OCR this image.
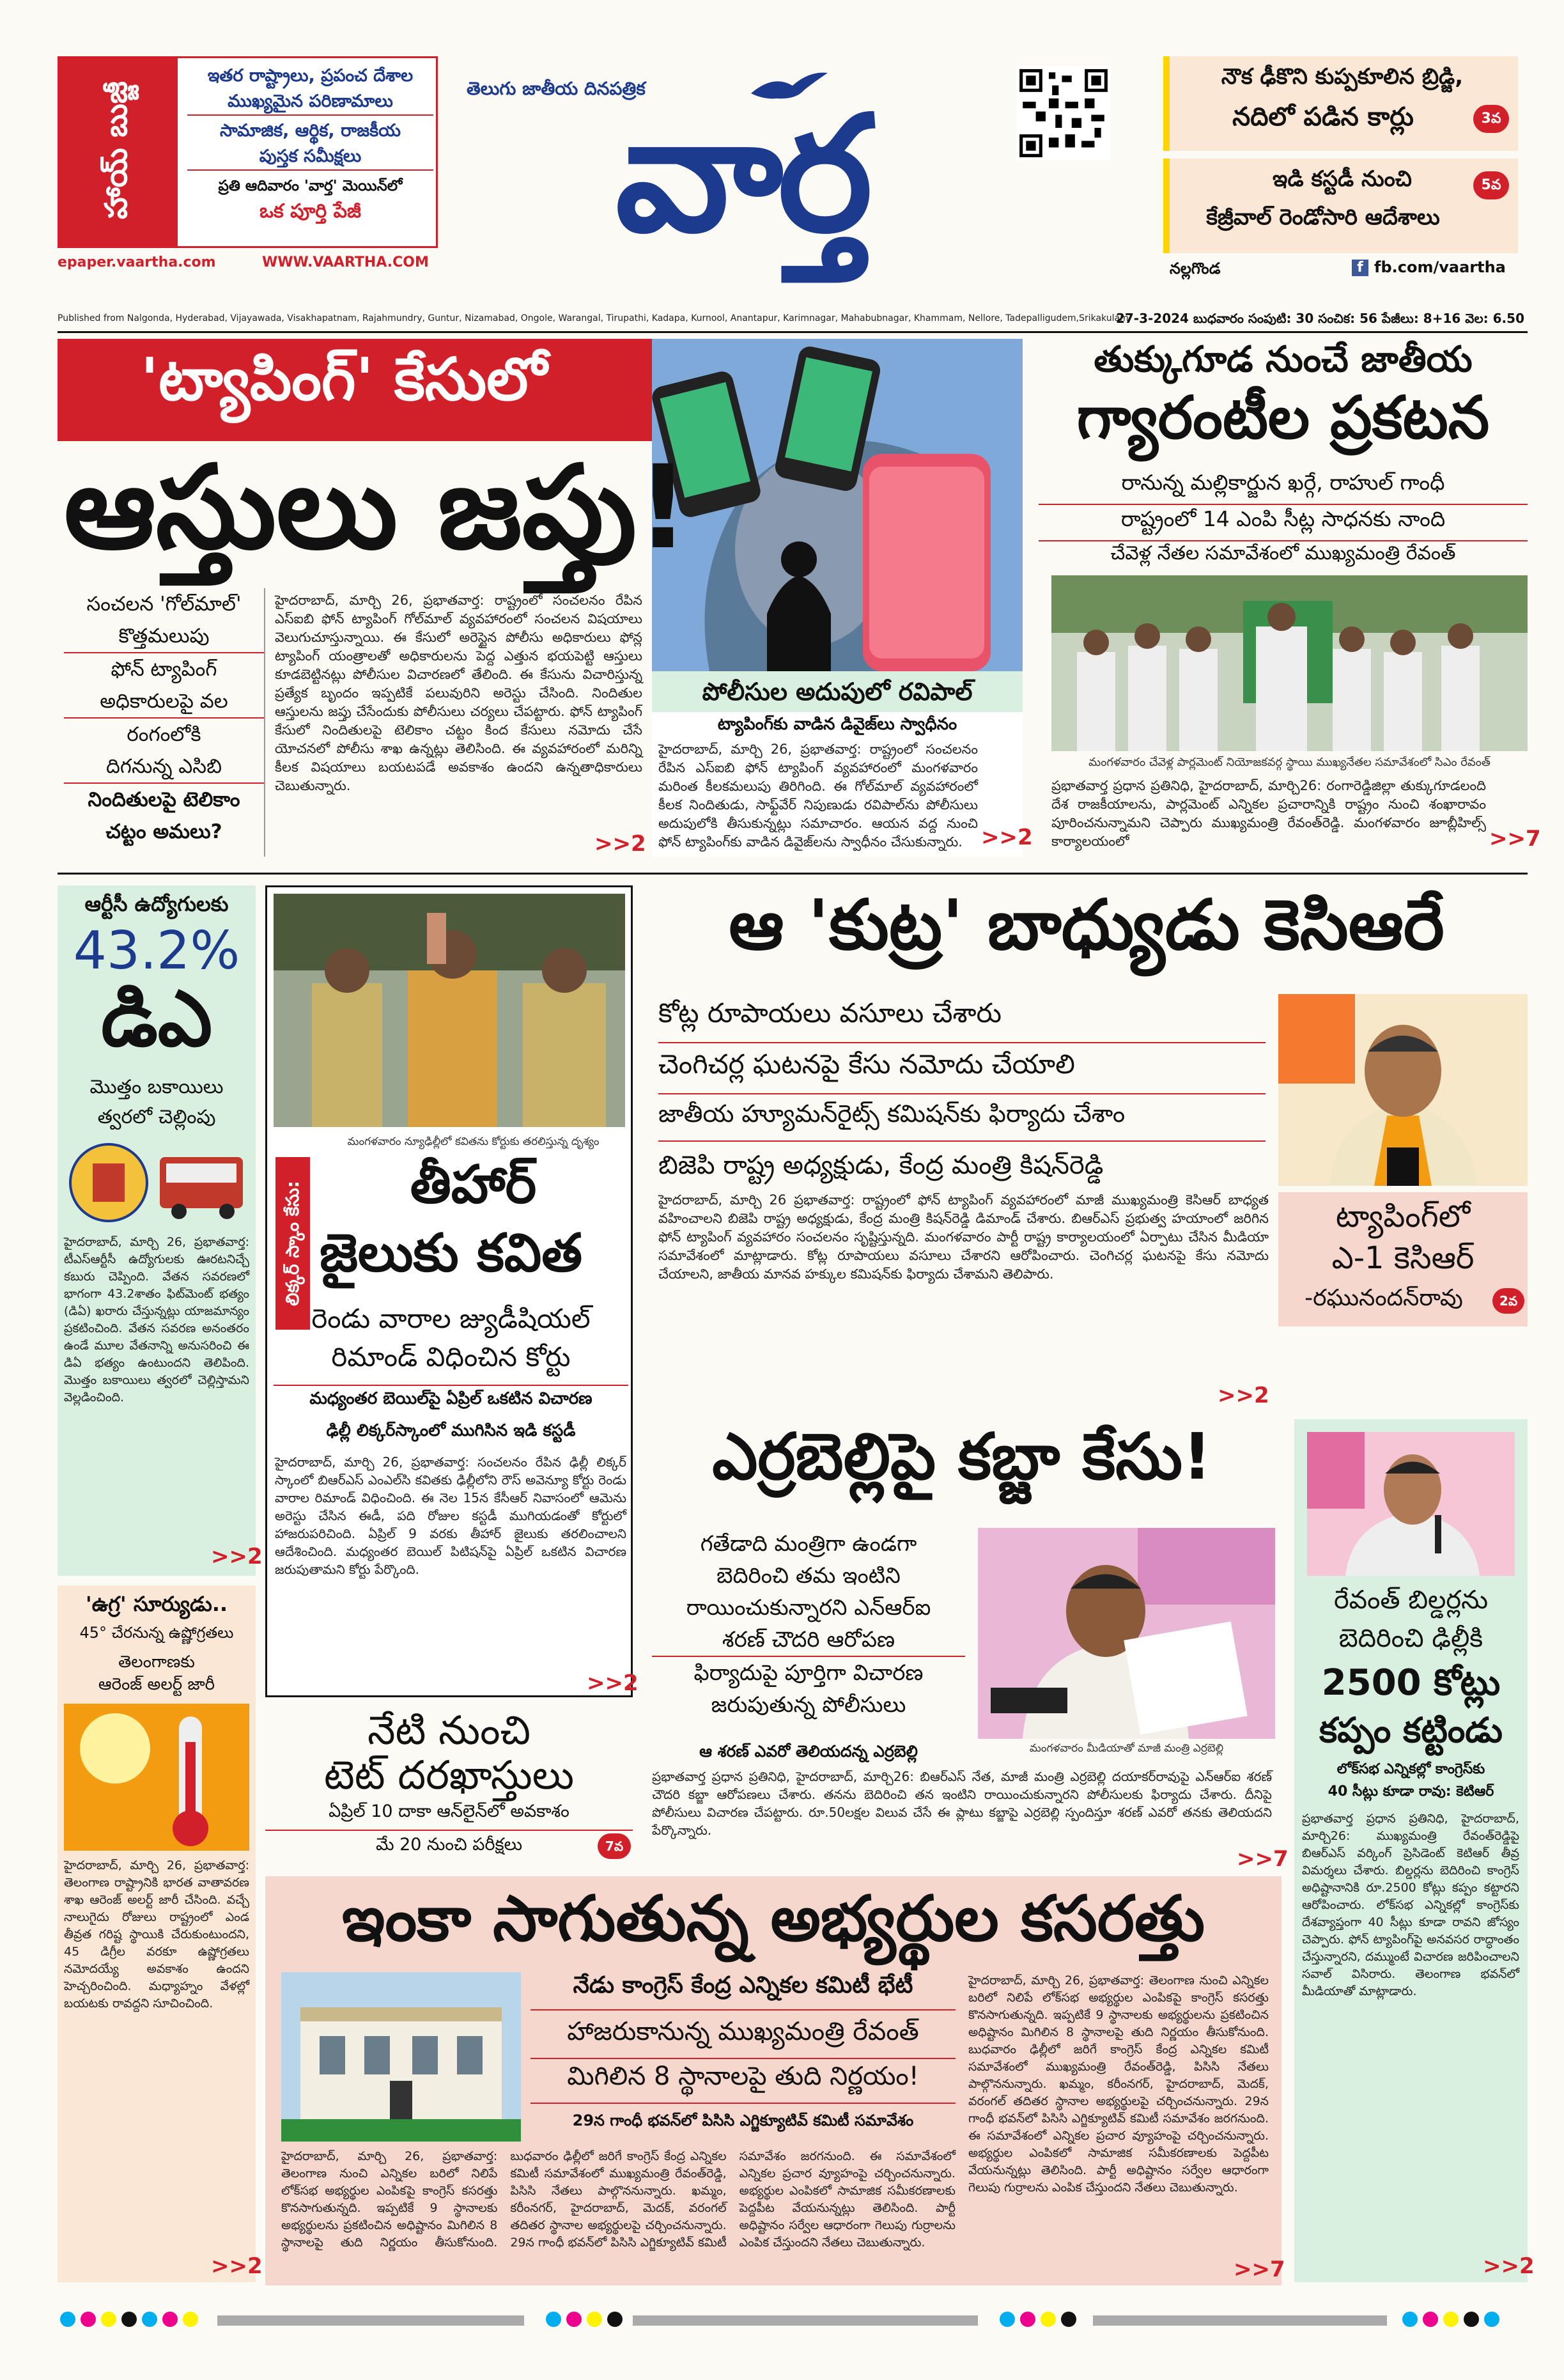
హాయ్‌ బుజ్జీ
ఇతర రాష్ట్రాలు, ప్రపంచ దేశాల
ముఖ్యమైన పరిణామాలు
సామాజిక, ఆర్థిక, రాజకీయ
పుస్తక సమీక్షలు
ప్రతి ఆదివారం 'వార్త' మెయిన్‌లో
ఒక పూర్తి పేజీ
epaper.vaartha.com	WWW.VAARTHA.COM
తెలుగు జాతీయ దినపత్రిక
వార్త
నౌక ఢీకొని కుప్పకూలిన బ్రిడ్జి,
నదిలో పడిన కార్లు	3వ
ఇడి కస్టడీ నుంచి
కేజ్రీవాల్‌ రెండోసారి ఆదేశాలు
5వ
నల్లగొండ	f fb.com/vaartha
Published from Nalgonda, Hyderabad, Vijayawada, Visakhapatnam, Rajahmundry, Guntur, Nizamabad, Ongole, Warangal, Tirupathi, Kadapa, Kurnool, Anantapur, Karimnagar, Mahabubnagar, Khammam, Nellore, Tadepalligudem,Srikakulam
27-3-2024 బుధవారం సంపుటి: 30 సంచిక: 56 పేజీలు: 8+16 వెల: 6.50
'ట్యాపింగ్‌' కేసులో
ఆస్తులు జప్తు!
సంచలన 'గోల్‌మాల్‌'
కొత్తమలుపు
ఫోన్‌ ట్యాపింగ్‌
అధికారులపై వల
రంగంలోకి
దిగనున్న ఎసిబి
నిందితులపై టెలికాం
చట్టం అమలు?
హైదరాబాద్‌, మార్చి 26, ప్రభాతవార్త: రాష్ట్రంలో సంచలనం రేపిన ఎస్‌ఐబి ఫోన్‌ ట్యాపింగ్‌ గోల్‌మాల్‌ వ్యవహారంలో సంచలన విషయాలు వెలుగుచూస్తున్నాయి. ఈ కేసులో అరెస్టైన పోలీసు అధికారులు ఫోన్ల ట్యాపింగ్‌ యంత్రాలతో అధికారులను పెద్ద ఎత్తున భయపెట్టి ఆస్తులు కూడబెట్టినట్లు పోలీసుల విచారణలో తేలింది. ఈ కేసును విచారిస్తున్న ప్రత్యేక బృందం ఇప్పటికే పలువురిని అరెస్టు చేసింది. నిందితుల ఆస్తులను జప్తు చేసేందుకు పోలీసులు చర్యలు చేపట్టారు. ఫోన్‌ ట్యాపింగ్‌ కేసులో నిందితులపై టెలికాం చట్టం కింద కేసులు నమోదు చేసే యోచనలో పోలీసు శాఖ ఉన్నట్లు తెలిసింది. ఈ వ్యవహారంలో మరిన్ని కీలక విషయాలు బయటపడే అవకాశం ఉందని ఉన్నతాధికారులు చెబుతున్నారు.
>>2
పోలీసుల అదుపులో రవిపాల్‌
ట్యాపింగ్‌కు వాడిన డివైజ్‌లు స్వాధీనం
హైదరాబాద్‌, మార్చి 26, ప్రభాతవార్త: రాష్ట్రంలో సంచలనం రేపిన ఎస్‌ఐబి ఫోన్‌ ట్యాపింగ్‌ వ్యవహారంలో మంగళవారం మరింత కీలకమలుపు తిరిగింది. ఈ గోల్‌మాల్‌ వ్యవహారంలో కీలక నిందితుడు, సాఫ్ట్‌వేర్‌ నిపుణుడు రవిపాల్‌ను పోలీసులు అదుపులోకి తీసుకున్నట్లు సమాచారం. ఆయన వద్ద నుంచి ఫోన్‌ ట్యాపింగ్‌కు వాడిన డివైజ్‌లను స్వాధీనం చేసుకున్నారు. >>2
తుక్కుగూడ నుంచే జాతీయ
గ్యారంటీల ప్రకటన
రానున్న మల్లికార్జున ఖర్గే, రాహుల్‌ గాంధీ
రాష్ట్రంలో 14 ఎంపి సీట్ల సాధనకు నాంది
చేవెళ్ల నేతల సమావేశంలో ముఖ్యమంత్రి రేవంత్‌
మంగళవారం చేవెళ్ల పార్లమెంట్‌ నియోజకవర్గ స్థాయి ముఖ్యనేతల సమావేశంలో సిఎం రేవంత్‌
ప్రభాతవార్త ప్రధాన ప్రతినిధి, హైదరాబాద్‌, మార్చి26: రంగారెడ్డిజిల్లా తుక్కుగూడలంది దేశ రాజకీయాలను, పార్లమెంట్‌ ఎన్నికల ప్రచారాన్నికి రాష్ట్రం నుంచి శంఖారావం పూరించనున్నామని చెప్పారు ముఖ్యమంత్రి రేవంత్‌రెడ్డి. మంగళవారం జూబ్లీహిల్స్‌ కార్యాలయంలో	>>7
ఆర్టీసీ ఉద్యోగులకు
43.2%
డిఎ
మొత్తం బకాయిలు
త్వరలో చెల్లింపు
హైదరాబాద్‌, మార్చి 26, ప్రభాతవార్త: టీఎస్‌ఆర్టీసీ ఉద్యోగులకు ఊరటనిచ్చే కబురు చెప్పింది. వేతన సవరణలో భాగంగా 43.2శాతం ఫిట్‌మెంట్‌ భత్యం (డిఏ) ఖరారు చేస్తున్నట్లు యాజమాన్యం ప్రకటించింది. వేతన సవరణ అనంతరం ఉండే మూల వేతనాన్ని అనుసరించి ఈ డిఏ భత్యం ఉంటుందని తెలిపింది. మొత్తం బకాయిలు త్వరలో చెల్లిస్తామని వెల్లడించింది.
>>2
'ఉగ్ర' సూర్యుడు..
45° చేరనున్న ఉష్ణోగ్రతలు
తెలంగాణకు
ఆరెంజ్‌ అలర్ట్‌ జారీ
హైదరాబాద్‌, మార్చి 26, ప్రభాతవార్త: తెలంగాణ రాష్ట్రానికి భారత వాతావరణ శాఖ ఆరెంజ్‌ అలర్ట్‌ జారీ చేసింది. వచ్చే నాలుగైదు రోజులు రాష్ట్రంలో ఎండ తీవ్రత గరిష్ట స్థాయికి చేరుకుంటుందని, 45 డిగ్రీల వరకూ ఉష్ణోగ్రతలు నమోదయ్యే అవకాశం ఉందని హెచ్చరించింది. మధ్యాహ్నం వేళల్లో బయటకు రావద్దని సూచించింది.
>>2
లిక్కర్‌ స్కాం కేసు:
మంగళవారం న్యూఢిల్లీలో కవితను కోర్టుకు తరలిస్తున్న దృశ్యం
తీహార్‌
జైలుకు కవిత
రెండు వారాల జ్యుడీషియల్‌
రిమాండ్‌ విధించిన కోర్టు
మధ్యంతర బెయిల్‌పై ఏప్రిల్‌ ఒకటిన విచారణ
ఢిల్లీ లిక్కర్‌స్కాంలో ముగిసిన ఇడి కస్టడీ
హైదరాబాద్‌, మార్చి 26, ప్రభాతవార్త: సంచలనం రేపిన ఢిల్లీ లిక్కర్‌ స్కాంలో బిఆర్‌ఎస్‌ ఎంఎల్‌సి కవితకు ఢిల్లీలోని రౌస్‌ అవెన్యూ కోర్టు రెండు వారాల రిమాండ్‌ విధించింది. ఈ నెల 15న కేసీఆర్‌ నివాసంలో ఆమెను అరెస్టు చేసిన ఈడీ, పది రోజుల కస్టడీ ముగియడంతో కోర్టులో హాజరుపరిచింది. ఏప్రిల్‌ 9 వరకు తీహార్‌ జైలుకు తరలించాలని ఆదేశించింది. మధ్యంతర బెయిల్‌ పిటిషన్‌పై ఏప్రిల్‌ ఒకటిన విచారణ జరుపుతామని కోర్టు పేర్కొంది.
>>2
నేటి నుంచి
టెట్‌ దరఖాస్తులు
ఏప్రిల్‌ 10 దాకా ఆన్‌లైన్‌లో అవకాశం
మే 20 నుంచి పరీక్షలు	7వ
ఆ 'కుట్ర' బాధ్యుడు కెసిఆరే
కోట్ల రూపాయలు వసూలు చేశారు
చెంగిచర్ల ఘటనపై కేసు నమోదు చేయాలి
జాతీయ హ్యూమన్‌రైట్స్‌ కమిషన్‌కు ఫిర్యాదు చేశాం
బిజెపి రాష్ట్ర అధ్యక్షుడు, కేంద్ర మంత్రి కిషన్‌రెడ్డి
హైదరాబాద్‌, మార్చి 26 ప్రభాతవార్త: రాష్ట్రంలో ఫోన్‌ ట్యాపింగ్‌ వ్యవహారంలో మాజీ ముఖ్యమంత్రి కెసిఆర్‌ బాధ్యత వహించాలని బిజెపి రాష్ట్ర అధ్యక్షుడు, కేంద్ర మంత్రి కిషన్‌రెడ్డి డిమాండ్‌ చేశారు. బిఆర్‌ఎస్‌ ప్రభుత్వ హయాంలో జరిగిన ఫోన్‌ ట్యాపింగ్‌ వ్యవహారం సంచలనం సృష్టిస్తున్నది. మంగళవారం పార్టీ రాష్ట్ర కార్యాలయంలో ఏర్పాటు చేసిన మీడియా సమావేశంలో మాట్లాడారు. కోట్ల రూపాయలు వసూలు చేశారని ఆరోపించారు. చెంగిచర్ల ఘటనపై కేసు నమోదు చేయాలని, జాతీయ మానవ హక్కుల కమిషన్‌కు ఫిర్యాదు చేశామని తెలిపారు.
>>2
ట్యాపింగ్‌లో
ఎ-1 కెసిఆర్‌
-రఘునందన్‌రావు	2వ
ఎర్రబెల్లిపై కబ్జా కేసు!
గతేడాది మంత్రిగా ఉండగా
బెదిరించి తమ ఇంటిని
రాయించుకున్నారని ఎన్‌ఆర్‌ఐ
శరణ్‌ చౌదరి ఆరోపణ
ఫిర్యాదుపై పూర్తిగా విచారణ
జరుపుతున్న పోలీసులు
ఆ శరణ్‌ ఎవరో తెలియదన్న ఎర్రబెల్లి	మంగళవారం మీడియాతో మాజీ మంత్రి ఎర్రబెల్లి
ప్రభాతవార్త ప్రధాన ప్రతినిధి, హైదరాబాద్‌, మార్చి26: బిఆర్‌ఎస్‌ నేత, మాజీ మంత్రి ఎర్రబెల్లి దయాకర్‌రావుపై ఎన్‌ఆర్‌ఐ శరణ్‌ చౌదరి కబ్జా ఆరోపణలు చేశారు. తనను బెదిరించి తన ఇంటిని రాయించుకున్నారని పోలీసులకు ఫిర్యాదు చేశారు. దీనిపై పోలీసులు విచారణ చేపట్టారు. రూ.50లక్షల విలువ చేసే ఈ ప్లాటు కబ్జాపై ఎర్రబెల్లి స్పందిస్తూ శరణ్‌ ఎవరో తనకు తెలియదని పేర్కొన్నారు.
>>7
రేవంత్‌ బిల్డర్లను
బెదిరించి ఢిల్లీకి
2500 కోట్లు
కప్పం కట్టిండు
లోక్‌సభ ఎన్నికల్లో కాంగ్రెస్‌కు
40 సీట్లు కూడా రావు: కెటిఆర్‌
ప్రభాతవార్త ప్రధాన ప్రతినిధి, హైదరాబాద్‌, మార్చి26: ముఖ్యమంత్రి రేవంత్‌రెడ్డిపై బిఆర్‌ఎస్‌ వర్కింగ్‌ ప్రెసిడెంట్‌ కెటిఆర్‌ తీవ్ర విమర్శలు చేశారు. బిల్డర్లను బెదిరించి కాంగ్రెస్‌ అధిష్టానానికి రూ.2500 కోట్లు కప్పం కట్టారని ఆరోపించారు. లోక్‌సభ ఎన్నికల్లో కాంగ్రెస్‌కు దేశవ్యాప్తంగా 40 సీట్లు కూడా రావని జోస్యం చెప్పారు. ఫోన్‌ ట్యాపింగ్‌పై అనవసర రాద్ధాంతం చేస్తున్నారని, దమ్ముంటే విచారణ జరిపించాలని సవాల్‌ విసిరారు. తెలంగాణ భవన్‌లో మీడియాతో మాట్లాడారు.
>>2
ఇంకా సాగుతున్న అభ్యర్థుల కసరత్తు
నేడు కాంగ్రెస్‌ కేంద్ర ఎన్నికల కమిటీ భేటీ
హాజరుకానున్న ముఖ్యమంత్రి రేవంత్‌
మిగిలిన 8 స్థానాలపై తుది నిర్ణయం!
29న గాంధీ భవన్‌లో పిసిసి ఎగ్జిక్యూటివ్‌ కమిటీ సమావేశం
హైదరాబాద్‌, మార్చి 26, ప్రభాతవార్త: తెలంగాణ నుంచి ఎన్నికల బరిలో నిలిపే లోక్‌సభ అభ్యర్థుల ఎంపికపై కాంగ్రెస్‌ కసరత్తు కొనసాగుతున్నది. ఇప్పటికే 9 స్థానాలకు అభ్యర్థులను ప్రకటించిన అధిష్టానం మిగిలిన 8 స్థానాలపై తుది నిర్ణయం తీసుకోనుంది. బుధవారం ఢిల్లీలో జరిగే కాంగ్రెస్‌ కేంద్ర ఎన్నికల కమిటీ సమావేశంలో ముఖ్యమంత్రి రేవంత్‌రెడ్డి, పిసిసి నేతలు పాల్గొననున్నారు. ఖమ్మం, కరీంనగర్‌, హైదరాబాద్‌, మెదక్‌, వరంగల్‌ తదితర స్థానాల అభ్యర్థులపై చర్చించనున్నారు. 29న గాంధీ భవన్‌లో పిసిసి ఎగ్జిక్యూటివ్‌ కమిటీ సమావేశం జరగనుంది. ఈ సమావేశంలో ఎన్నికల ప్రచార వ్యూహంపై చర్చించనున్నారు. అభ్యర్థుల ఎంపికలో సామాజిక సమీకరణాలకు పెద్దపీట వేయనున్నట్లు తెలిసింది. పార్టీ అధిష్టానం సర్వేల ఆధారంగా గెలుపు గుర్రాలను ఎంపిక చేస్తుందని నేతలు చెబుతున్నారు.
హైదరాబాద్‌, మార్చి 26, ప్రభాతవార్త: తెలంగాణ నుంచి ఎన్నికల బరిలో నిలిపే లోక్‌సభ అభ్యర్థుల ఎంపికపై కాంగ్రెస్‌ కసరత్తు కొనసాగుతున్నది. ఇప్పటికే 9 స్థానాలకు అభ్యర్థులను ప్రకటించిన అధిష్టానం మిగిలిన 8 స్థానాలపై తుది నిర్ణయం తీసుకోనుంది. బుధవారం ఢిల్లీలో జరిగే కాంగ్రెస్‌ కేంద్ర ఎన్నికల కమిటీ సమావేశంలో ముఖ్యమంత్రి రేవంత్‌రెడ్డి, పిసిసి నేతలు పాల్గొననున్నారు. ఖమ్మం, కరీంనగర్‌, హైదరాబాద్‌, మెదక్‌, వరంగల్‌ తదితర స్థానాల అభ్యర్థులపై చర్చించనున్నారు. 29న గాంధీ భవన్‌లో పిసిసి ఎగ్జిక్యూటివ్‌ కమిటీ సమావేశం జరగనుంది. ఈ సమావేశంలో ఎన్నికల ప్రచార వ్యూహంపై చర్చించనున్నారు. అభ్యర్థుల ఎంపికలో సామాజిక సమీకరణాలకు పెద్దపీట వేయనున్నట్లు తెలిసింది. పార్టీ అధిష్టానం సర్వేల ఆధారంగా గెలుపు గుర్రాలను ఎంపిక చేస్తుందని నేతలు చెబుతున్నారు.
>>7
